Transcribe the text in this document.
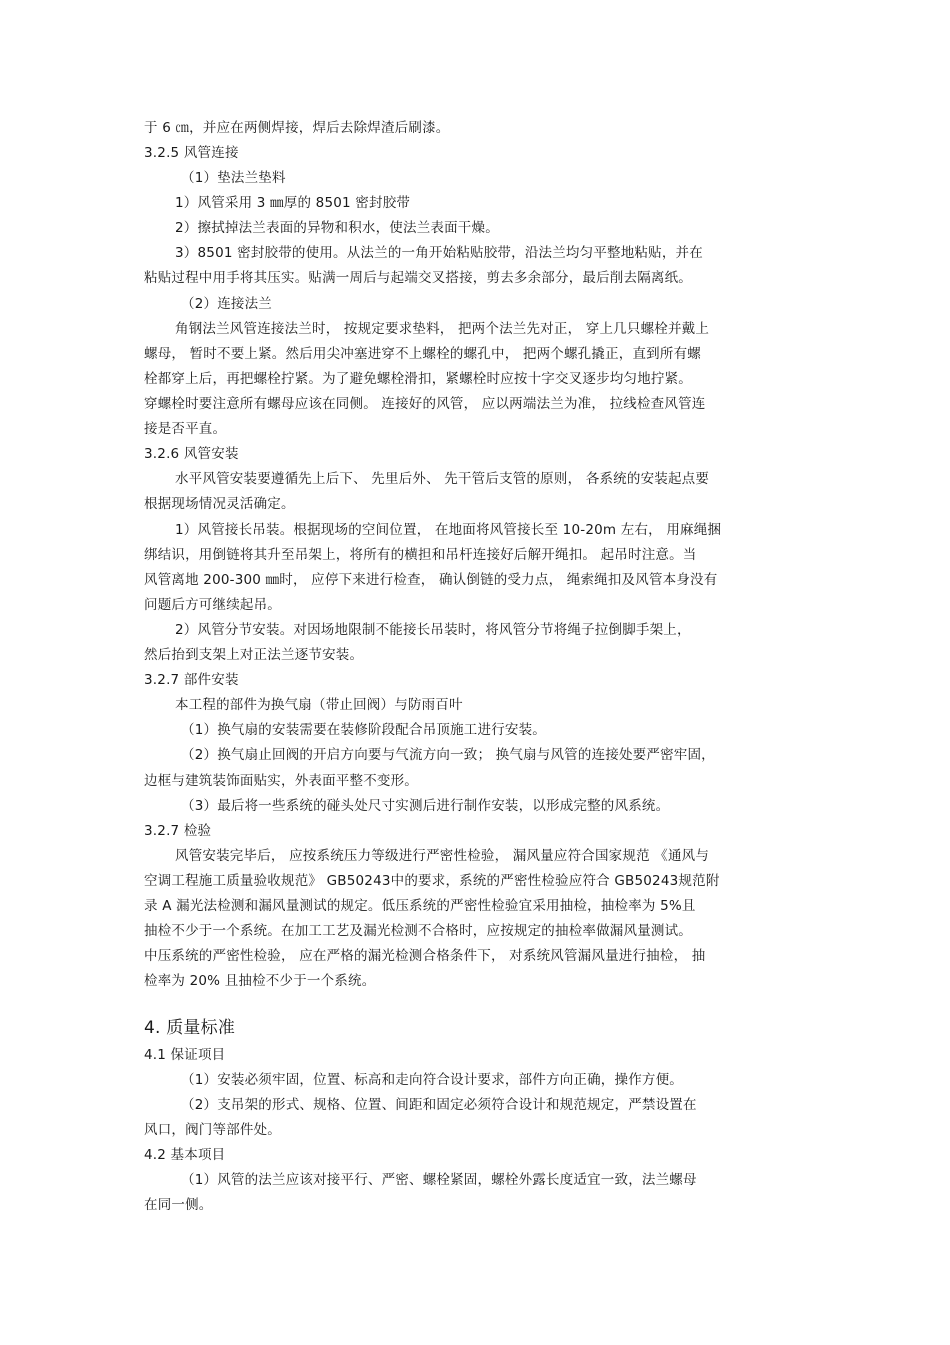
于 6 ㎝，并应在两侧焊接，焊后去除焊渣后刷漆。
3.2.5 风管连接
（1）垫法兰垫料
1）风管采用 3 ㎜厚的 8501 密封胶带
2）擦拭掉法兰表面的异物和积水，使法兰表面干燥。
3）8501 密封胶带的使用。从法兰的一角开始粘贴胶带，沿法兰均匀平整地粘贴，并在
粘贴过程中用手将其压实。贴满一周后与起端交叉搭接，剪去多余部分，最后削去隔离纸。
（2）连接法兰
角钢法兰风管连接法兰时， 按规定要求垫料， 把两个法兰先对正， 穿上几只螺栓并戴上
螺母， 暂时不要上紧。然后用尖冲塞进穿不上螺栓的螺孔中， 把两个螺孔撬正，直到所有螺
栓都穿上后，再把螺栓拧紧。为了避免螺栓滑扣，紧螺栓时应按十字交叉逐步均匀地拧紧。
穿螺栓时要注意所有螺母应该在同侧。 连接好的风管， 应以两端法兰为准， 拉线检查风管连
接是否平直。
3.2.6 风管安装
水平风管安装要遵循先上后下、 先里后外、 先干管后支管的原则， 各系统的安装起点要
根据现场情况灵活确定。
1）风管接长吊装。根据现场的空间位置， 在地面将风管接长至 10-20m 左右， 用麻绳捆
绑结识，用倒链将其升至吊架上，将所有的横担和吊杆连接好后解开绳扣。 起吊时注意。当
风管离地 200-300 ㎜时， 应停下来进行检查， 确认倒链的受力点， 绳索绳扣及风管本身没有
问题后方可继续起吊。
2）风管分节安装。对因场地限制不能接长吊装时，将风管分节将绳子拉倒脚手架上，
然后抬到支架上对正法兰逐节安装。
3.2.7 部件安装
本工程的部件为换气扇（带止回阀）与防雨百叶
（1）换气扇的安装需要在装修阶段配合吊顶施工进行安装。
（2）换气扇止回阀的开启方向要与气流方向一致； 换气扇与风管的连接处要严密牢固，
边框与建筑装饰面贴实，外表面平整不变形。
（3）最后将一些系统的碰头处尺寸实测后进行制作安装，以形成完整的风系统。
3.2.7 检验
风管安装完毕后， 应按系统压力等级进行严密性检验， 漏风量应符合国家规范 《通风与
空调工程施工质量验收规范》 GB50243中的要求，系统的严密性检验应符合 GB50243规范附
录 A 漏光法检测和漏风量测试的规定。低压系统的严密性检验宜采用抽检，抽检率为 5%且
抽检不少于一个系统。在加工工艺及漏光检测不合格时，应按规定的抽检率做漏风量测试。
中压系统的严密性检验， 应在严格的漏光检测合格条件下， 对系统风管漏风量进行抽检， 抽
检率为 20% 且抽检不少于一个系统。
4. 质量标准
4.1 保证项目
（1）安装必须牢固，位置、标高和走向符合设计要求，部件方向正确，操作方便。
（2）支吊架的形式、规格、位置、间距和固定必须符合设计和规范规定，严禁设置在
风口，阀门等部件处。
4.2 基本项目
（1）风管的法兰应该对接平行、严密、螺栓紧固，螺栓外露长度适宜一致，法兰螺母
在同一侧。
